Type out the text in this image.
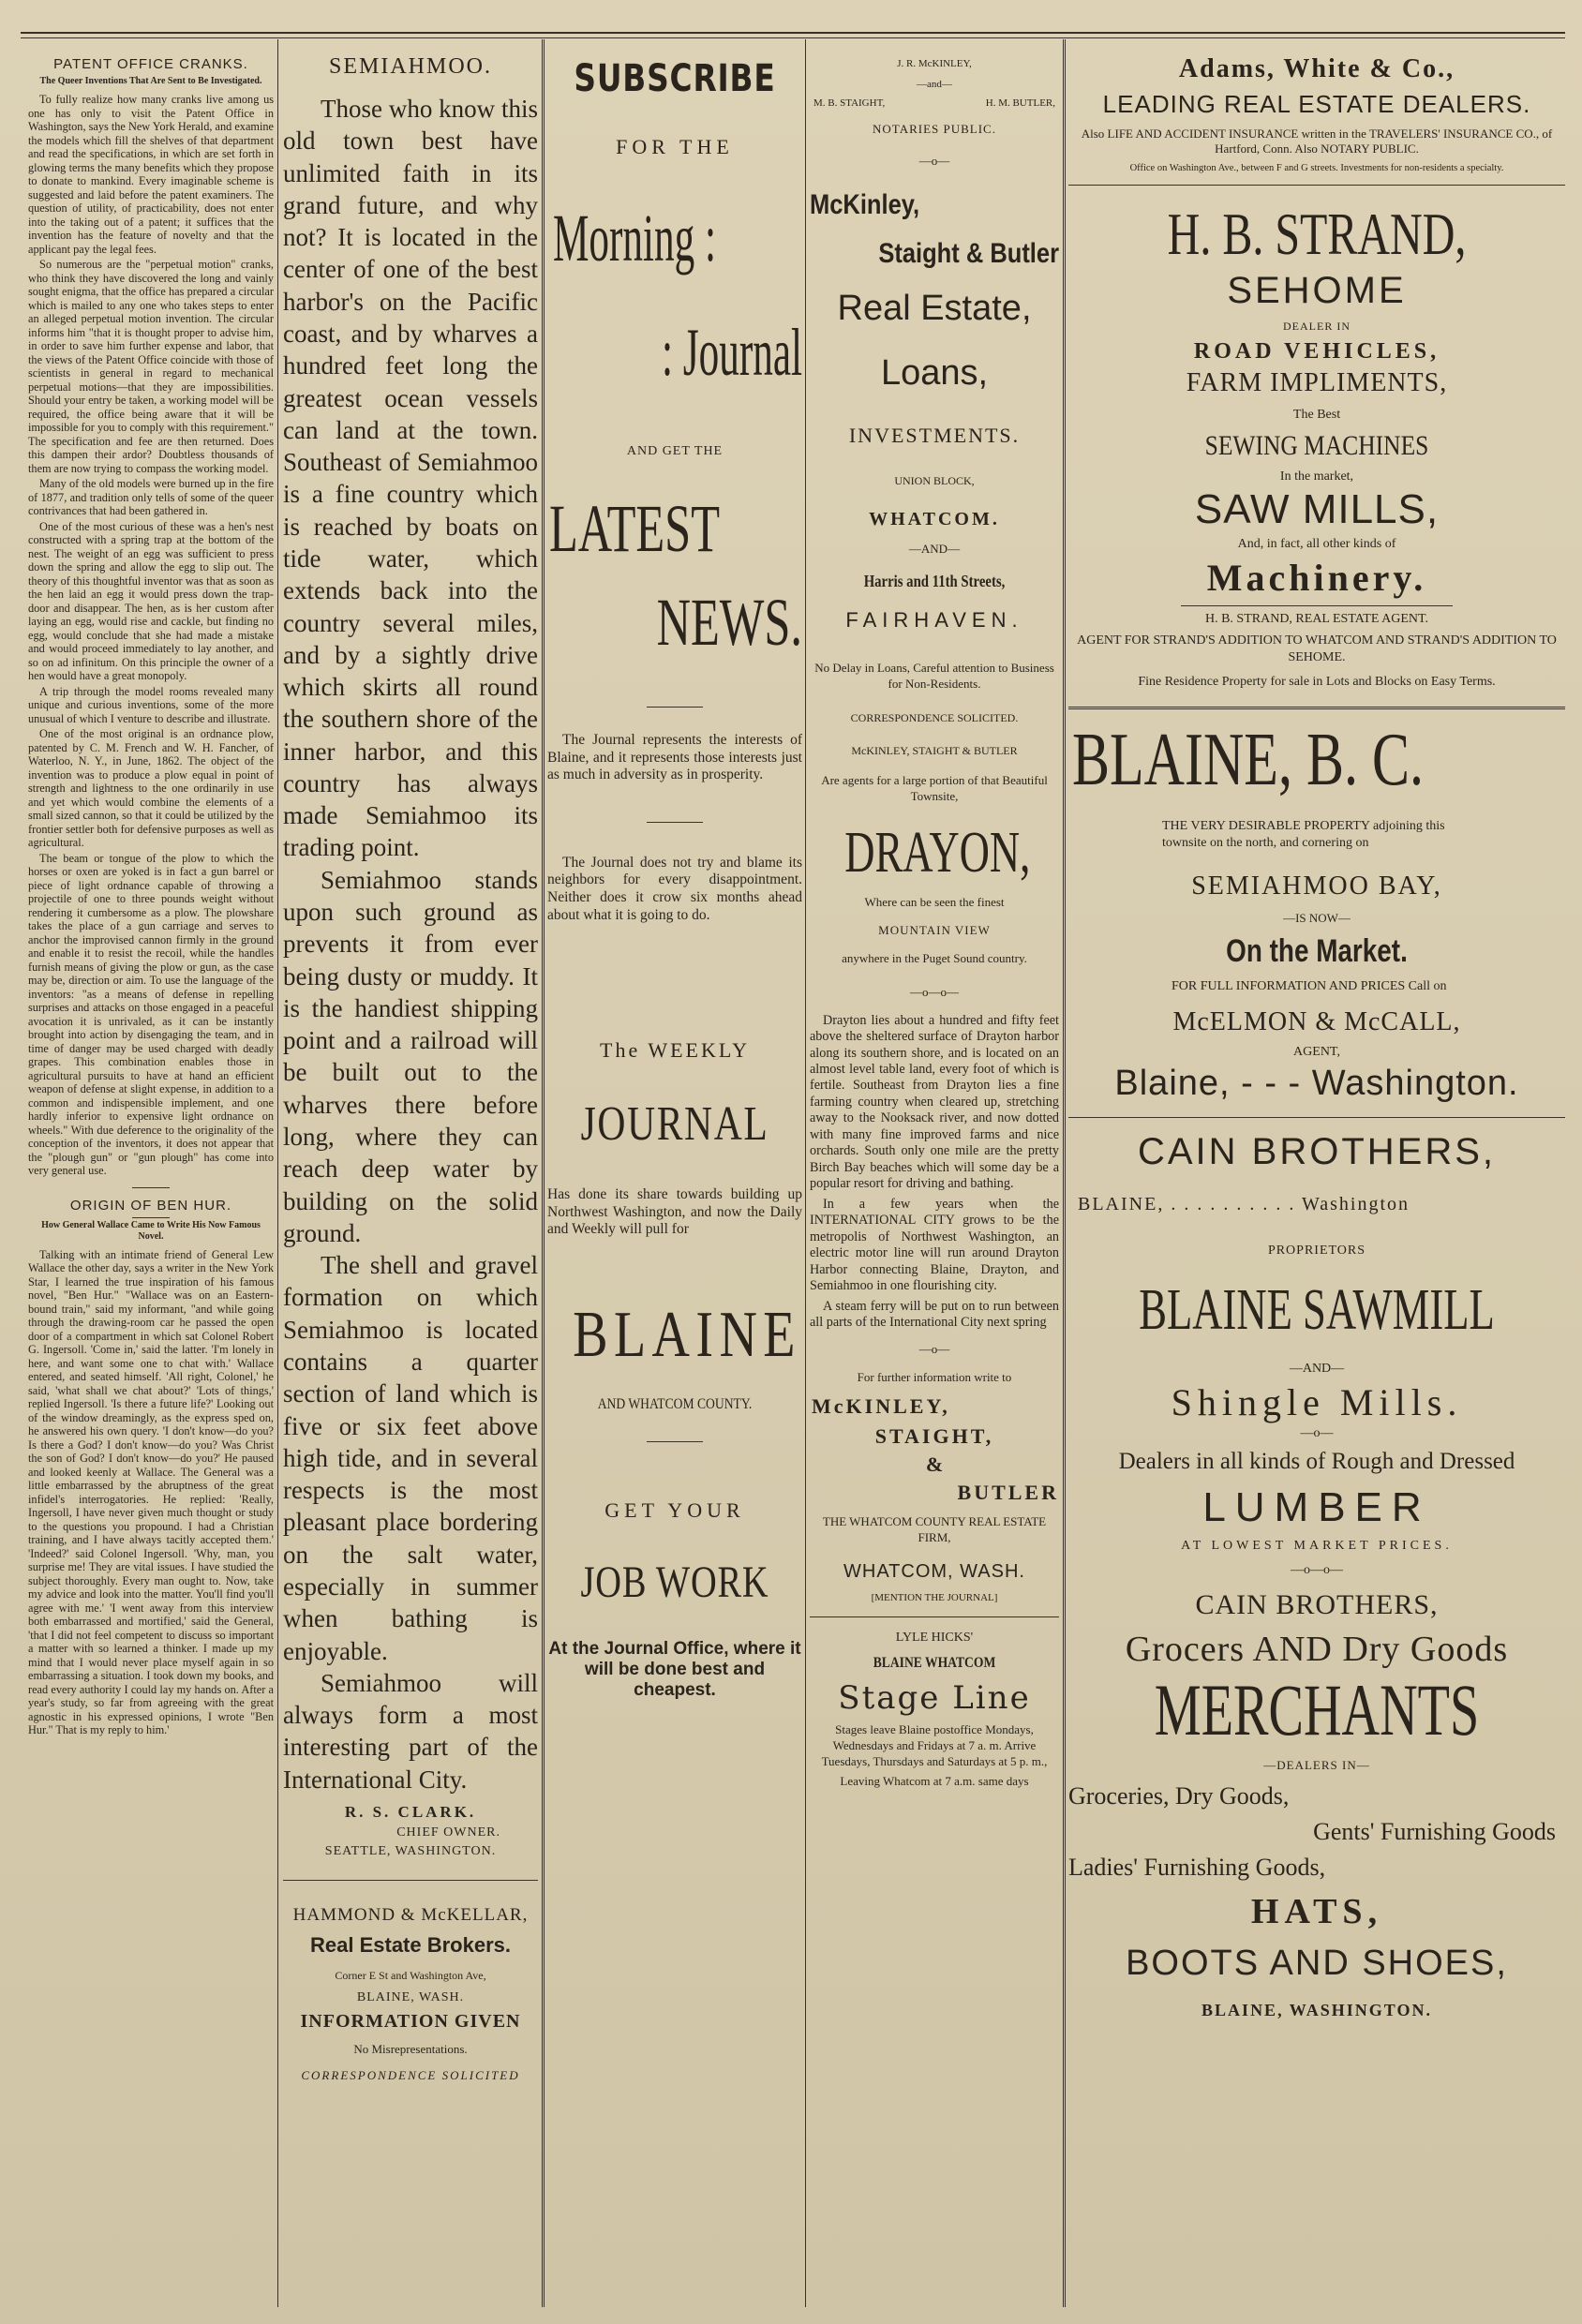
PATENT OFFICE CRANKS.
The Queer Inventions That Are Sent to Be Investigated.

To fully realize how many cranks live among us one has only to visit the Patent Office in Washington, says the New York Herald, and examine the models which fill the shelves of that department and read the specifications, in which are set forth in glowing terms the many benefits which they propose to donate to mankind. Every imaginable scheme is suggested and laid before the patent examiners. The question of utility, of practicability, does not enter into the taking out of a patent; it suffices that the invention has the feature of novelty and that the applicant pay the legal fees.

So numerous are the "perpetual motion" cranks, who think they have discovered the long and vainly sought enigma, that the office has prepared a circular which is mailed to any one who takes steps to enter an alleged perpetual motion invention. The circular informs him "that it is thought proper to advise him, in order to save him further expense and labor, that the views of the Patent Office coincide with those of scientists in general in regard to mechanical perpetual motions—that they are impossibilities. Should your entry be taken, a working model will be required, the office being aware that it will be impossible for you to comply with this requirement." The specification and fee are then returned. Does this dampen their ardor? Doubtless thousands of them are now trying to compass the working model.

Many of the old models were burned up in the fire of 1877, and tradition only tells of some of the queer contrivances that had been gathered in.

One of the most curious of these was a hen's nest constructed with a spring trap at the bottom of the nest. The weight of an egg was sufficient to press down the spring and allow the egg to slip out. The theory of this thoughtful inventor was that as soon as the hen laid an egg it would press down the trap-door and disappear. The hen, as is her custom after laying an egg, would rise and cackle, but finding no egg, would conclude that she had made a mistake and would proceed immediately to lay another, and so on ad infinitum. On this principle the owner of a hen would have a great monopoly.

A trip through the model rooms revealed many unique and curious inventions, some of the more unusual of which I venture to describe and illustrate.

One of the most original is an ordnance plow, patented by C. M. French and W. H. Fancher, of Waterloo, N. Y., in June, 1862. The object of the invention was to produce a plow equal in point of strength and lightness to the one ordinarily in use and yet which would combine the elements of a small sized cannon, so that it could be utilized by the frontier settler both for defensive purposes as well as agricultural.

The beam or tongue of the plow to which the horses or oxen are yoked is in fact a gun barrel or piece of light ordnance capable of throwing a projectile of one to three pounds weight without rendering it cumbersome as a plow. The plowshare takes the place of a gun carriage and serves to anchor the improvised cannon firmly in the ground and enable it to resist the recoil, while the handles furnish means of giving the plow or gun, as the case may be, direction or aim. To use the language of the inventors: "as a means of defense in repelling surprises and attacks on those engaged in a peaceful avocation it is unrivaled, as it can be instantly brought into action by disengaging the team, and in time of danger may be used charged with deadly grapes. This combination enables those in agricultural pursuits to have at hand an efficient weapon of defense at slight expense, in addition to a common and indispensible implement, and one hardly inferior to expensive light ordnance on wheels." With due deference to the originality of the conception of the inventors, it does not appear that the "plough gun" or "gun plough" has come into very general use.

ORIGIN OF BEN HUR.
How General Wallace Came to Write His Now Famous Novel.

Talking with an intimate friend of General Lew Wallace the other day, says a writer in the New York Star, I learned the true inspiration of his famous novel, "Ben Hur." "Wallace was on an Eastern-bound train," said my informant, "and while going through the drawing-room car he passed the open door of a compartment in which sat Colonel Robert G. Ingersoll. 'Come in,' said the latter. 'I'm lonely in here, and want some one to chat with.' Wallace entered, and seated himself. 'All right, Colonel,' he said, 'what shall we chat about?' 'Lots of things,' replied Ingersoll. 'Is there a future life?' Looking out of the window dreamingly, as the express sped on, he answered his own query. 'I don't know—do you? Is there a God? I don't know—do you? Was Christ the son of God? I don't know—do you?' He paused and looked keenly at Wallace. The General was a little embarrassed by the abruptness of the great infidel's interrogatories. He replied: 'Really, Ingersoll, I have never given much thought or study to the questions you propound. I had a Christian training, and I have always tacitly accepted them.' 'Indeed?' said Colonel Ingersoll. 'Why, man, you surprise me! They are vital issues. I have studied the subject thoroughly. Every man ought to. Now, take my advice and look into the matter. You'll find you'll agree with me.' 'I went away from this interview both embarrassed and mortified,' said the General, 'that I did not feel competent to discuss so important a matter with so learned a thinker. I made up my mind that I would never place myself again in so embarrassing a situation. I took down my books, and read every authority I could lay my hands on. After a year's study, so far from agreeing with the great agnostic in his expressed opinions, I wrote "Ben Hur." That is my reply to him.'

SEMIAHMOO.

Those who know this old town best have unlimited faith in its grand future, and why not? It is located in the center of one of the best harbor's on the Pacific coast, and by wharves a hundred feet long the greatest ocean vessels can land at the town. Southeast of Semiahmoo is a fine country which is reached by boats on tide water, which extends back into the country several miles, and by a sightly drive which skirts all round the southern shore of the inner harbor, and this country has always made Semiahmoo its trading point.

Semiahmoo stands upon such ground as prevents it from ever being dusty or muddy. It is the handiest shipping point and a railroad will be built out to the wharves there before long, where they can reach deep water by building on the solid ground.

The shell and gravel formation on which Semiahmoo is located contains a quarter section of land which is five or six feet above high tide, and in several respects is the most pleasant place bordering on the salt water, especially in summer when bathing is enjoyable.

Semiahmoo will always form a most interesting part of the International City.

R. S. CLARK.
CHIEF OWNER.
SEATTLE, WASHINGTON.
HAMMOND & McKELLAR,
Real Estate Brokers.
Corner E St and Washington Ave,
BLAINE, WASH.
INFORMATION GIVEN
No Misrepresentations.
CORRESPONDENCE SOLICITED
SUBSCRIBE
FOR THE
Morning :
: Journal
AND GET THE
LATEST
NEWS.

The Journal represents the interests of Blaine, and it represents those interests just as much in adversity as in prosperity.

The Journal does not try and blame its neighbors for every disappointment. Neither does it crow six months ahead about what it is going to do.

The WEEKLY
JOURNAL

Has done its share towards building up Northwest Washington, and now the Daily and Weekly will pull for

BLAINE
AND WHATCOM COUNTY.
GET YOUR
JOB WORK
At the Journal Office, where it will be done best and cheapest.
J. R. McKINLEY,
—and—
M. B. STAIGHT,	H. M. BUTLER,
NOTARIES PUBLIC.
—o—
McKinley,
Staight & Butler
Real Estate,
Loans,
INVESTMENTS.
UNION BLOCK,
WHATCOM.
—AND—
Harris and 11th Streets,
FAIRHAVEN.
No Delay in Loans, Careful attention to Business for Non-Residents.
CORRESPONDENCE SOLICITED.
McKINLEY, STAIGHT & BUTLER
Are agents for a large portion of that Beautiful Townsite,
DRAYON,
Where can be seen the finest
MOUNTAIN VIEW
anywhere in the Puget Sound country.
—o—o—

Drayton lies about a hundred and fifty feet above the sheltered surface of Drayton harbor along its southern shore, and is located on an almost level table land, every foot of which is fertile. Southeast from Drayton lies a fine farming country when cleared up, stretching away to the Nooksack river, and now dotted with many fine improved farms and nice orchards. South only one mile are the pretty Birch Bay beaches which will some day be a popular resort for driving and bathing.

In a few years when the INTERNATIONAL CITY grows to be the metropolis of Northwest Washington, an electric motor line will run around Drayton Harbor connecting Blaine, Drayton, and Semiahmoo in one flourishing city.

A steam ferry will be put on to run between all parts of the International City next spring

—o—
For further information write to
McKINLEY,
STAIGHT,
&
BUTLER
THE WHATCOM COUNTY REAL ESTATE FIRM,
WHATCOM, WASH.
[MENTION THE JOURNAL]
LYLE HICKS'
BLAINE WHATCOM
Stage Line
Stages leave Blaine postoffice Mondays, Wednesdays and Fridays at 7 a. m. Arrive Tuesdays, Thursdays and Saturdays at 5 p. m.,
Leaving Whatcom at 7 a.m. same days
Adams, White & Co.,
LEADING REAL ESTATE DEALERS.
Also LIFE AND ACCIDENT INSURANCE written in the TRAVELERS' INSURANCE CO., of Hartford, Conn. Also NOTARY PUBLIC.
Office on Washington Ave., between F and G streets. Investments for non-residents a specialty.
H. B. STRAND,
SEHOME
DEALER IN
ROAD VEHICLES,
FARM IMPLIMENTS,
The Best
SEWING MACHINES
In the market,
SAW MILLS,
And, in fact, all other kinds of
Machinery.
H. B. STRAND, REAL ESTATE AGENT.
AGENT FOR STRAND'S ADDITION TO WHATCOM AND STRAND'S ADDITION TO SEHOME.
Fine Residence Property for sale in Lots and Blocks on Easy Terms.
BLAINE, B. C.
THE VERY DESIRABLE PROPERTY adjoining this townsite on the north, and cornering on
SEMIAHMOO BAY,
—IS NOW—
On the Market.
FOR FULL INFORMATION AND PRICES Call on
McELMON & McCALL,
AGENT,
Blaine, - - - Washington.
CAIN BROTHERS,
BLAINE, . . . . . . . . . . Washington
PROPRIETORS
BLAINE SAWMILL
—AND—
Shingle Mills.
—o—
Dealers in all kinds of Rough and Dressed
LUMBER
AT LOWEST MARKET PRICES.
—o—o—
CAIN BROTHERS,
Grocers AND Dry Goods
MERCHANTS
—DEALERS IN—
Groceries, Dry Goods,
Gents' Furnishing Goods
Ladies' Furnishing Goods,
HATS,
BOOTS AND SHOES,
BLAINE, WASHINGTON.
